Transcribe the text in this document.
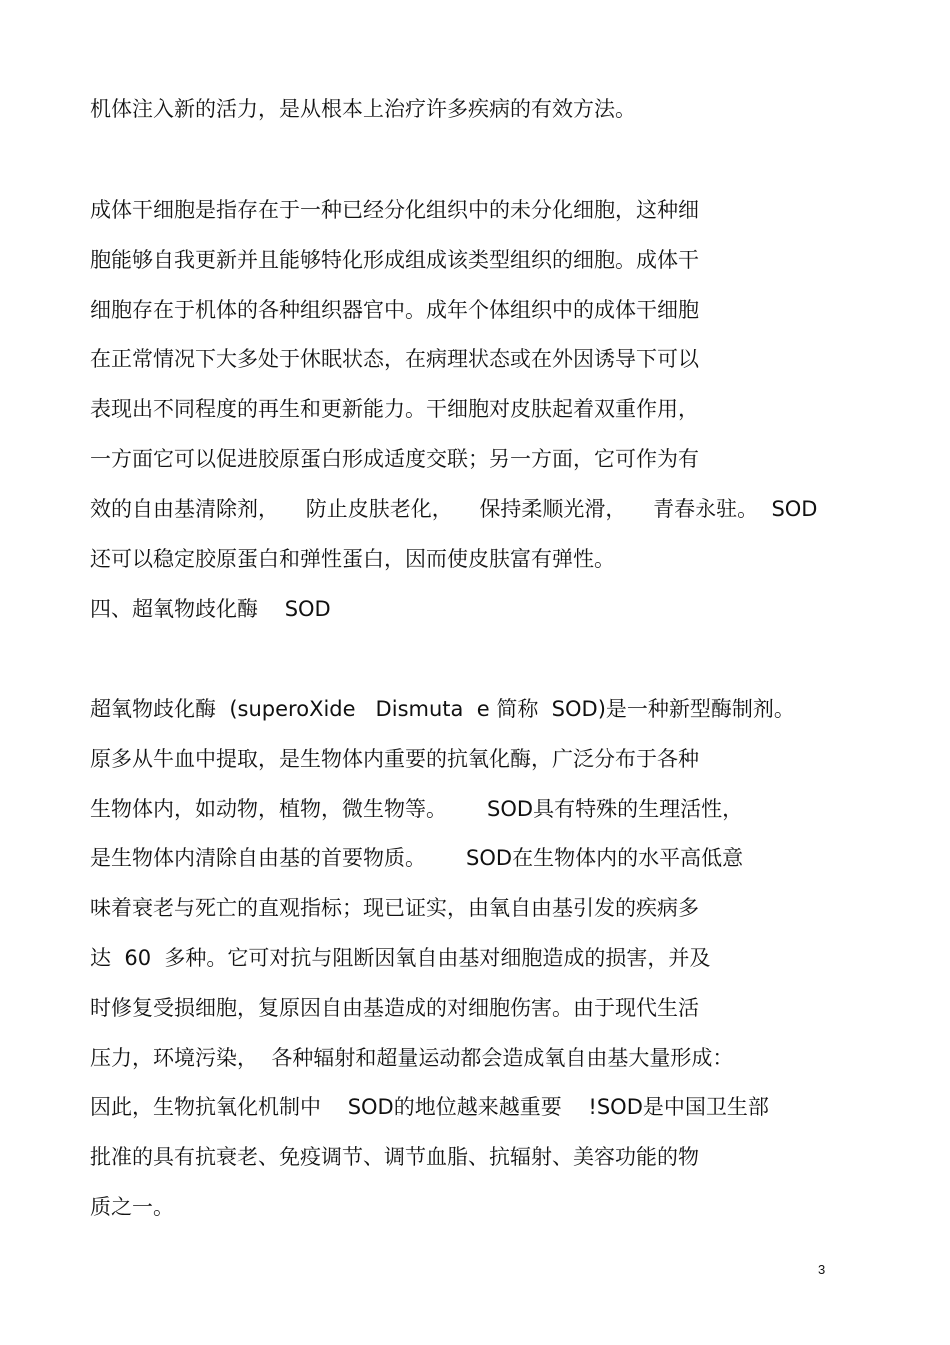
机体注入新的活力，是从根本上治疗许多疾病的有效方法。
成体干细胞是指存在于一种已经分化组织中的未分化细胞，这种细
胞能够自我更新并且能够特化形成组成该类型组织的细胞。成体干
细胞存在于机体的各种组织器官中。成年个体组织中的成体干细胞
在正常情况下大多处于休眠状态，在病理状态或在外因诱导下可以
表现出不同程度的再生和更新能力。干细胞对皮肤起着双重作用，
一方面它可以促进胶原蛋白形成适度交联；另一方面，它可作为有
效的自由基清除剂，    防止皮肤老化，    保持柔顺光滑，    青春永驻。  SOD
还可以稳定胶原蛋白和弹性蛋白，因而使皮肤富有弹性。
四、超氧物歧化酶    SOD
超氧物歧化酶  (superoXide   Dismuta  e 简称  SOD)是一种新型酶制剂。
原多从牛血中提取，是生物体内重要的抗氧化酶，广泛分布于各种
生物体内，如动物，植物，微生物等。      SOD具有特殊的生理活性，
是生物体内清除自由基的首要物质。      SOD在生物体内的水平高低意
味着衰老与死亡的直观指标；现已证实，由氧自由基引发的疾病多
达  60  多种。它可对抗与阻断因氧自由基对细胞造成的损害，并及
时修复受损细胞，复原因自由基造成的对细胞伤害。由于现代生活
压力，环境污染，  各种辐射和超量运动都会造成氧自由基大量形成：
因此，生物抗氧化机制中    SOD的地位越来越重要    !SOD是中国卫生部
批准的具有抗衰老、免疫调节、调节血脂、抗辐射、美容功能的物
质之一。
3
